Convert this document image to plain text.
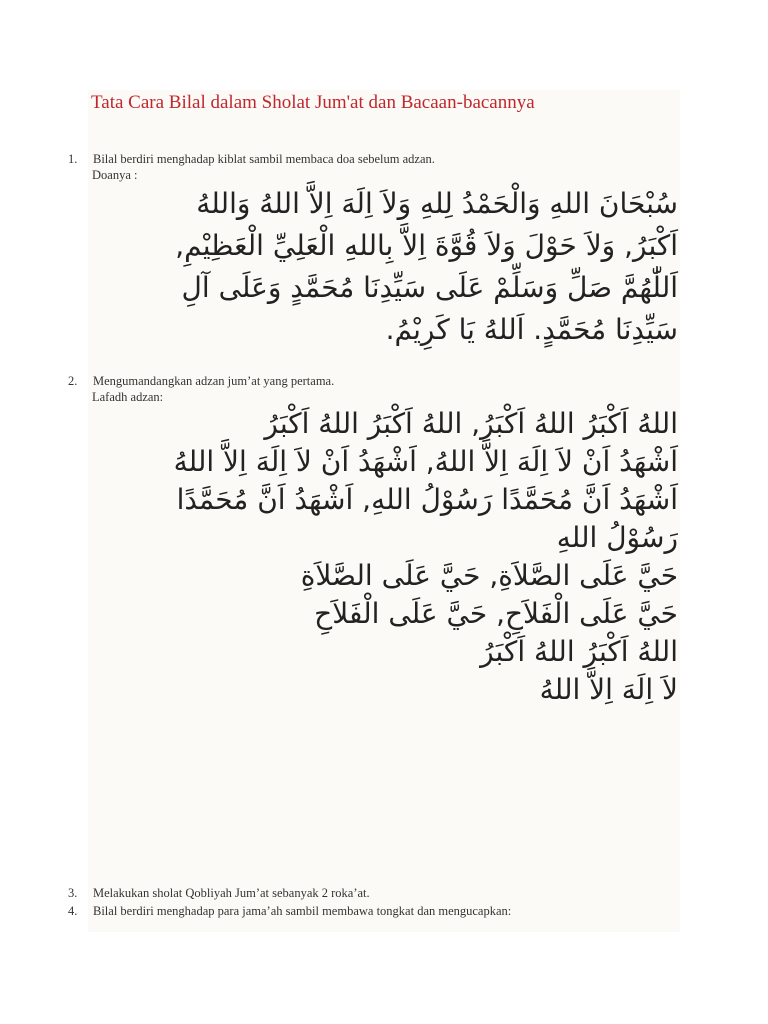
Tata Cara Bilal dalam Sholat Jum'at dan Bacaan-bacannya
1. Bilal berdiri menghadap kiblat sambil membaca doa sebelum adzan.
Doanya :
سُبْحَانَ اللهِ وَالْحَمْدُ لِلهِ وَلاَ اِلَهَ اِلاَّ اللهُ وَاللهُ
اَكْبَرُ, وَلاَ حَوْلَ وَلاَ قُوَّةَ اِلاَّ بِاللهِ الْعَلِيِّ الْعَظِيْمِ,
اَللّٰهُمَّ صَلِّ وَسَلِّمْ عَلَى سَيِّدِنَا مُحَمَّدٍ وَعَلَى آلِ
سَيِّدِنَا مُحَمَّدٍ. اَللهُ يَا كَرِيْمُ.
2. Mengumandangkan adzan jum’at yang pertama.
Lafadh adzan:
اللهُ اَكْبَرُ اللهُ اَكْبَرُ, اللهُ اَكْبَرُ اللهُ اَكْبَرُ
اَشْهَدُ اَنْ لاَ اِلَهَ اِلاَّ اللهُ, اَشْهَدُ اَنْ لاَ اِلَهَ اِلاَّ اللهُ
اَشْهَدُ اَنَّ مُحَمَّدًا رَسُوْلُ اللهِ, اَشْهَدُ اَنَّ مُحَمَّدًا
رَسُوْلُ اللهِ
حَيَّ عَلَى الصَّلاَةِ, حَيَّ عَلَى الصَّلاَةِ
حَيَّ عَلَى الْفَلاَحِ, حَيَّ عَلَى الْفَلاَحِ
اللهُ اَكْبَرُ اللهُ اَكْبَرُ
لاَ اِلَهَ اِلاَّ اللهُ
3. Melakukan sholat Qobliyah Jum’at sebanyak 2 roka’at.
4. Bilal berdiri menghadap para jama’ah sambil membawa tongkat dan mengucapkan:
